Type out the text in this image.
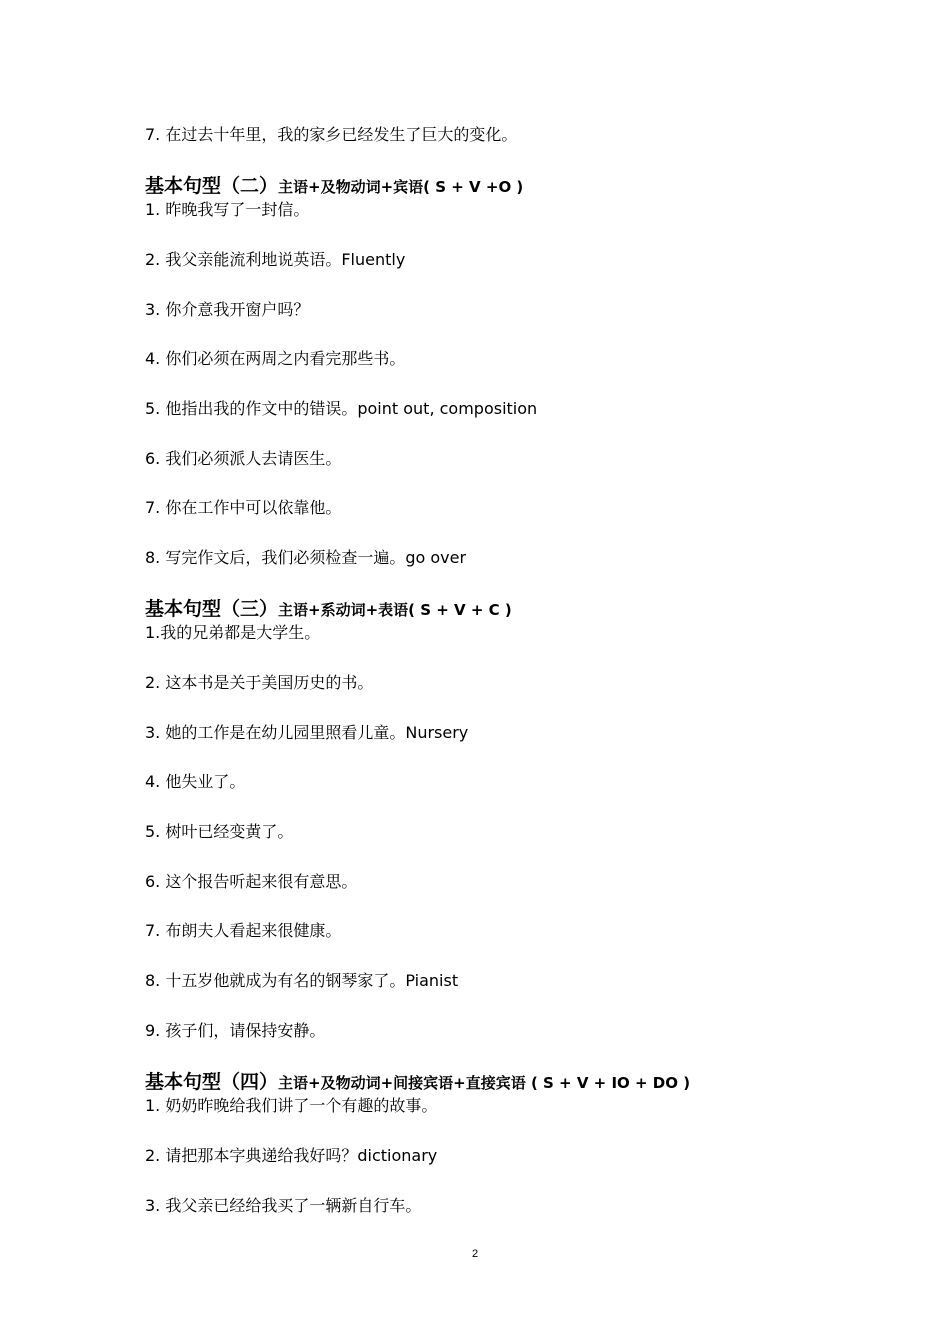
7. 在过去十年里，我的家乡已经发生了巨大的变化。
基本句型（二）主语+及物动词+宾语( S + V +O )
1. 昨晚我写了一封信。
2. 我父亲能流利地说英语。Fluently
3. 你介意我开窗户吗？
4. 你们必须在两周之内看完那些书。
5. 他指出我的作文中的错误。point out, composition
6. 我们必须派人去请医生。
7. 你在工作中可以依靠他。
8. 写完作文后，我们必须检查一遍。go over
基本句型（三）主语+系动词+表语( S + V + C )
1.我的兄弟都是大学生。
2. 这本书是关于美国历史的书。
3. 她的工作是在幼儿园里照看儿童。Nursery
4. 他失业了。
5. 树叶已经变黄了。
6. 这个报告听起来很有意思。
7. 布朗夫人看起来很健康。
8. 十五岁他就成为有名的钢琴家了。Pianist
9. 孩子们，请保持安静。
基本句型（四）主语+及物动词+间接宾语+直接宾语 ( S + V + IO + DO )
1. 奶奶昨晚给我们讲了一个有趣的故事。
2. 请把那本字典递给我好吗？dictionary
3. 我父亲已经给我买了一辆新自行车。
2
